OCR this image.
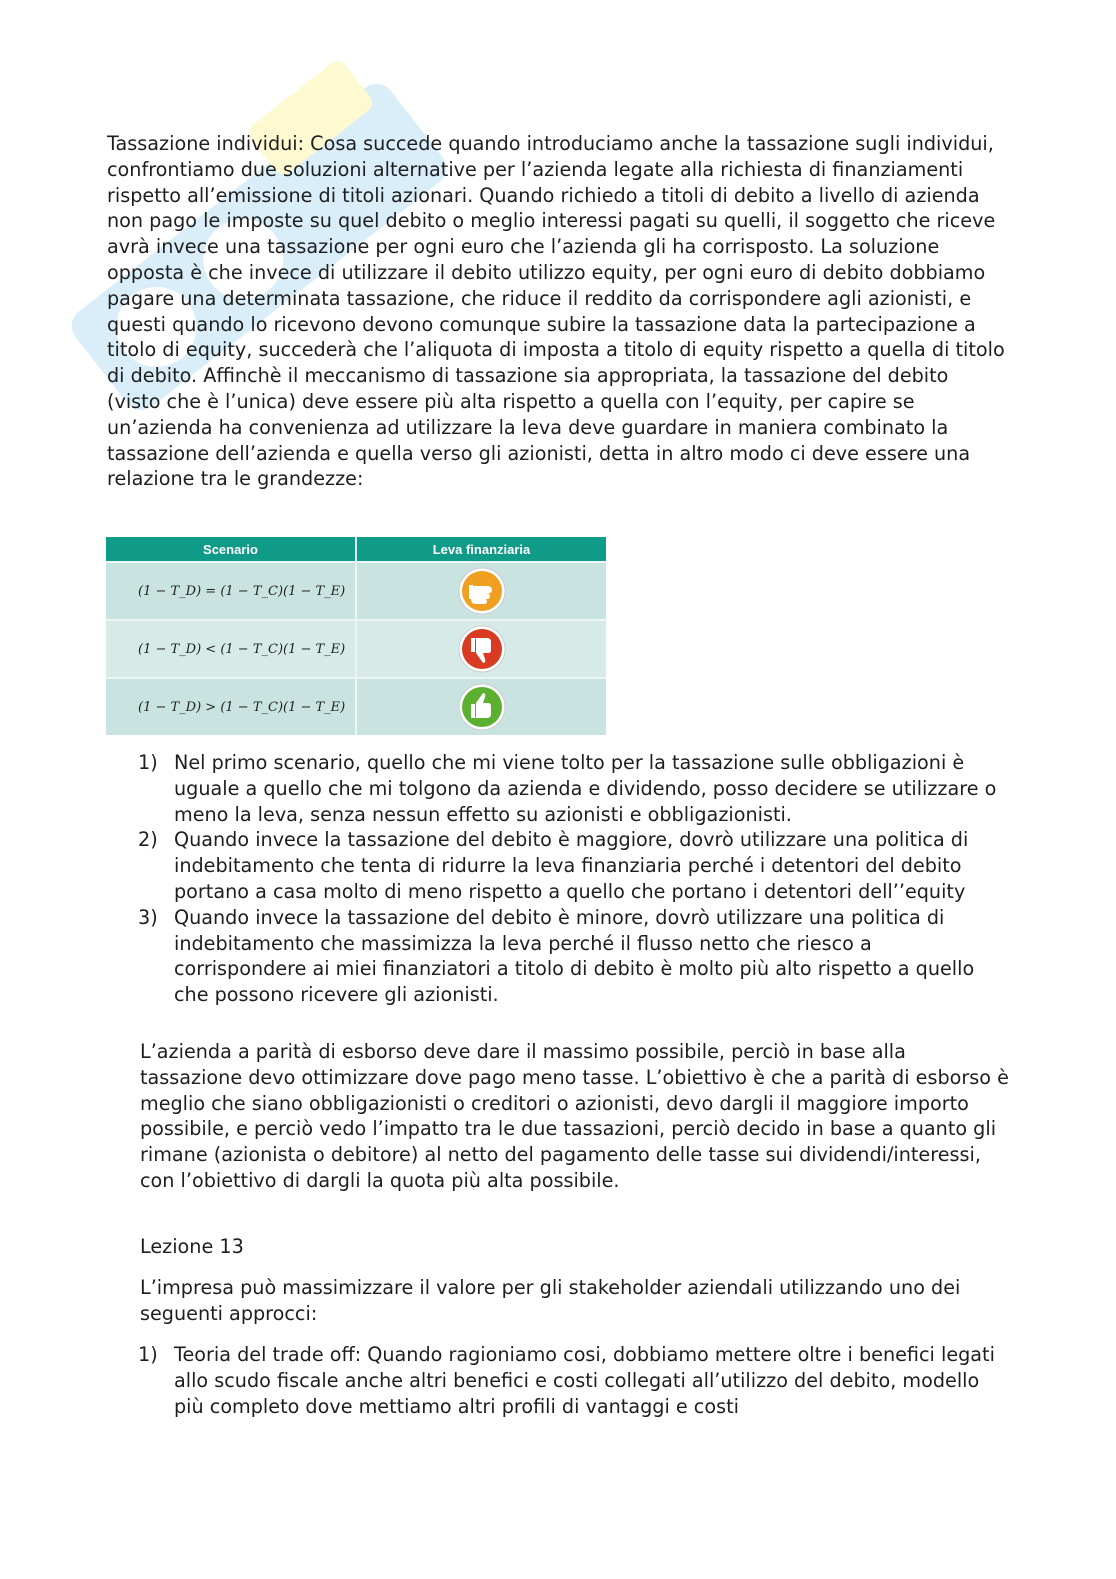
Tassazione individui: Cosa succede quando introduciamo anche la tassazione sugli individui, confrontiamo due soluzioni alternative per l’azienda legate alla richiesta di finanziamenti rispetto all’emissione di titoli azionari. Quando richiedo a titoli di debito a livello di azienda non pago le imposte su quel debito o meglio interessi pagati su quelli, il soggetto che riceve avrà invece una tassazione per ogni euro che l’azienda gli ha corrisposto. La soluzione opposta è che invece di utilizzare il debito utilizzo equity, per ogni euro di debito dobbiamo pagare una determinata tassazione, che riduce il reddito da corrispondere agli azionisti, e questi quando lo ricevono devono comunque subire la tassazione data la partecipazione a titolo di equity, succederà che l’aliquota di imposta a titolo di equity rispetto a quella di titolo di debito. Affinchè il meccanismo di tassazione sia appropriata, la tassazione del debito (visto che è l’unica) deve essere più alta rispetto a quella con l’equity, per capire se un’azienda ha convenienza ad utilizzare la leva deve guardare in maniera combinato la tassazione dell’azienda e quella verso gli azionisti, detta in altro modo ci deve essere una relazione tra le grandezze:

Scenario	Leva finanziaria
(1 − T_D) = (1 − T_C)(1 − T_E)	
(1 − T_D) < (1 − T_C)(1 − T_E)	
(1 − T_D) > (1 − T_C)(1 − T_E)	
1) Nel primo scenario, quello che mi viene tolto per la tassazione sulle obbligazioni è uguale a quello che mi tolgono da azienda e dividendo, posso decidere se utilizzare o meno la leva, senza nessun effetto su azionisti e obbligazionisti.
2) Quando invece la tassazione del debito è maggiore, dovrò utilizzare una politica di indebitamento che tenta di ridurre la leva finanziaria perché i detentori del debito portano a casa molto di meno rispetto a quello che portano i detentori dell’’equity
3) Quando invece la tassazione del debito è minore, dovrò utilizzare una politica di indebitamento che massimizza la leva perché il flusso netto che riesco a corrispondere ai miei finanziatori a titolo di debito è molto più alto rispetto a quello che possono ricevere gli azionisti.

L’azienda a parità di esborso deve dare il massimo possibile, perciò in base alla tassazione devo ottimizzare dove pago meno tasse. L’obiettivo è che a parità di esborso è meglio che siano obbligazionisti o creditori o azionisti, devo dargli il maggiore importo possibile, e perciò vedo l’impatto tra le due tassazioni, perciò decido in base a quanto gli rimane (azionista o debitore) al netto del pagamento delle tasse sui dividendi/interessi, con l’obiettivo di dargli la quota più alta possibile.

Lezione 13

L’impresa può massimizzare il valore per gli stakeholder aziendali utilizzando uno dei seguenti approcci:

1) Teoria del trade off: Quando ragioniamo cosi, dobbiamo mettere oltre i benefici legati allo scudo fiscale anche altri benefici e costi collegati all’utilizzo del debito, modello più completo dove mettiamo altri profili di vantaggi e costi
